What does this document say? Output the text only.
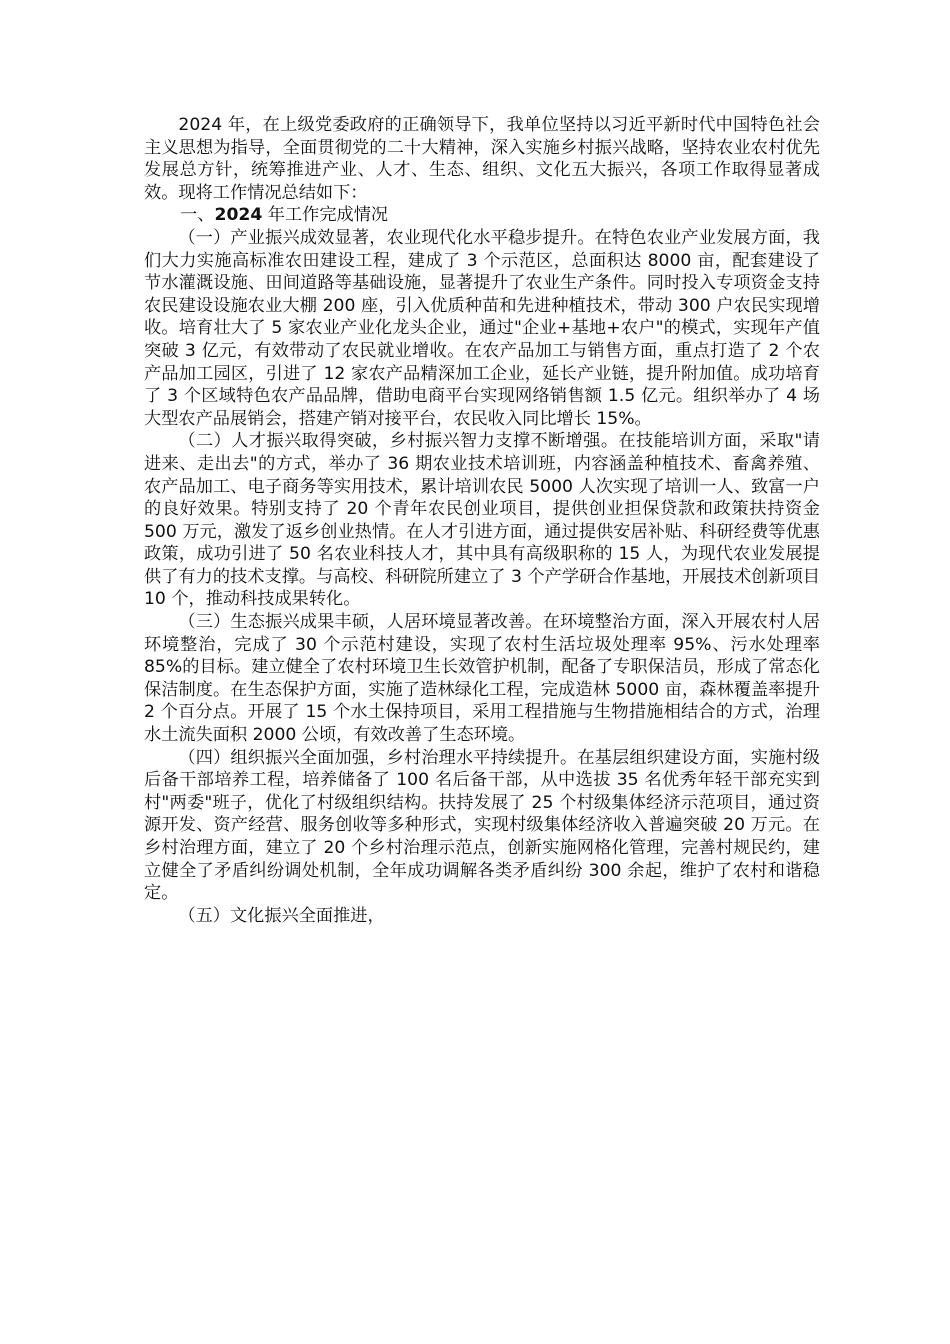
2024 年，在上级党委政府的正确领导下，我单位坚持以习近平新时代中国特色社会主义思想为指导，全面贯彻党的二十大精神，深入实施乡村振兴战略，坚持农业农村优先发展总方针，统筹推进产业、人才、生态、组织、文化五大振兴，各项工作取得显著成效。现将工作情况总结如下：

一、2024 年工作完成情况

（一）产业振兴成效显著，农业现代化水平稳步提升。在特色农业产业发展方面，我们大力实施高标准农田建设工程，建成了 3 个示范区，总面积达 8000 亩，配套建设了节水灌溉设施、田间道路等基础设施，显著提升了农业生产条件。同时投入专项资金支持农民建设设施农业大棚 200 座，引入优质种苗和先进种植技术，带动 300 户农民实现增收。培育壮大了 5 家农业产业化龙头企业，通过"企业+基地+农户"的模式，实现年产值突破 3 亿元，有效带动了农民就业增收。在农产品加工与销售方面，重点打造了 2 个农产品加工园区，引进了 12 家农产品精深加工企业，延长产业链，提升附加值。成功培育了 3 个区域特色农产品品牌，借助电商平台实现网络销售额 1.5 亿元。组织举办了 4 场大型农产品展销会，搭建产销对接平台，农民收入同比增长 15%。

（二）人才振兴取得突破，乡村振兴智力支撑不断增强。在技能培训方面，采取"请进来、走出去"的方式，举办了 36 期农业技术培训班，内容涵盖种植技术、畜禽养殖、农产品加工、电子商务等实用技术，累计培训农民 5000 人次实现了培训一人、致富一户的良好效果。特别支持了 20 个青年农民创业项目，提供创业担保贷款和政策扶持资金 500 万元，激发了返乡创业热情。在人才引进方面，通过提供安居补贴、科研经费等优惠政策，成功引进了 50 名农业科技人才，其中具有高级职称的 15 人，为现代农业发展提供了有力的技术支撑。与高校、科研院所建立了 3 个产学研合作基地，开展技术创新项目 10 个，推动科技成果转化。

（三）生态振兴成果丰硕，人居环境显著改善。在环境整治方面，深入开展农村人居环境整治，完成了 30 个示范村建设，实现了农村生活垃圾处理率 95%、污水处理率 85%的目标。建立健全了农村环境卫生长效管护机制，配备了专职保洁员，形成了常态化保洁制度。在生态保护方面，实施了造林绿化工程，完成造林 5000 亩，森林覆盖率提升 2 个百分点。开展了 15 个水土保持项目，采用工程措施与生物措施相结合的方式，治理水土流失面积 2000 公顷，有效改善了生态环境。

（四）组织振兴全面加强，乡村治理水平持续提升。在基层组织建设方面，实施村级后备干部培养工程，培养储备了 100 名后备干部，从中选拔 35 名优秀年轻干部充实到村"两委"班子，优化了村级组织结构。扶持发展了 25 个村级集体经济示范项目，通过资源开发、资产经营、服务创收等多种形式，实现村级集体经济收入普遍突破 20 万元。在乡村治理方面，建立了 20 个乡村治理示范点，创新实施网格化管理，完善村规民约，建立健全了矛盾纠纷调处机制，全年成功调解各类矛盾纠纷 300 余起，维护了农村和谐稳定。

（五）文化振兴全面推进，
